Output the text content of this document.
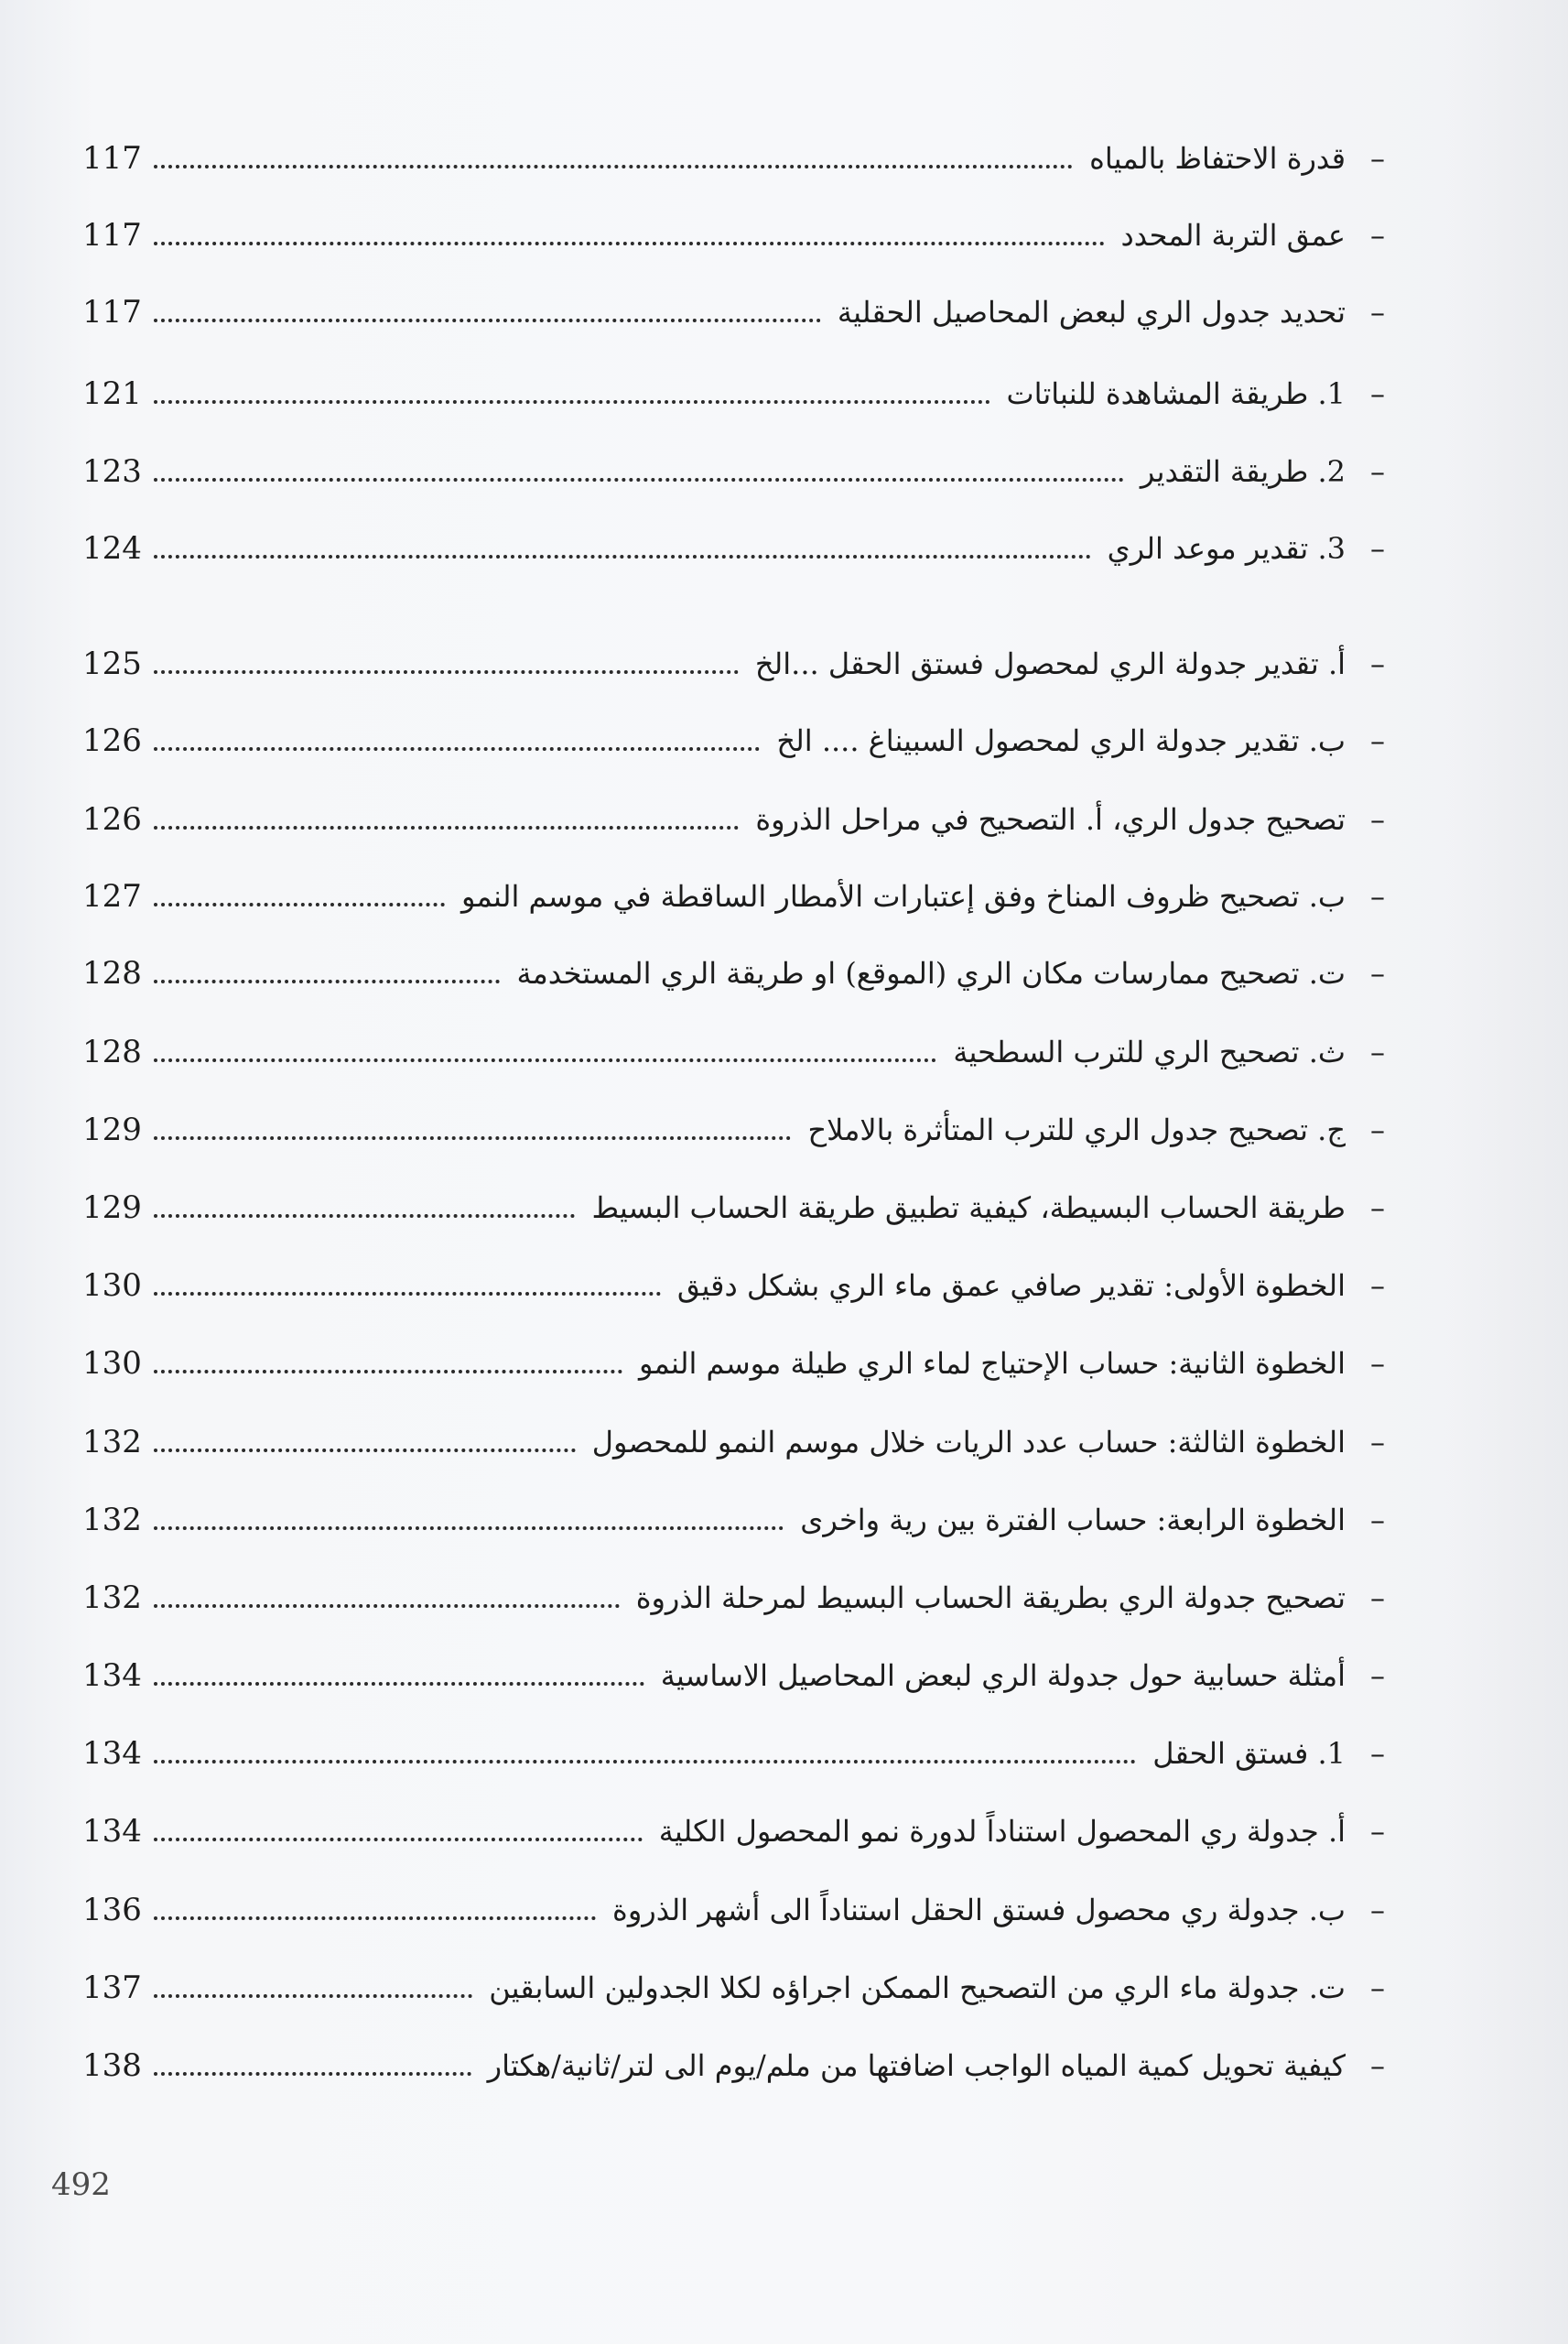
–
قدرة الاحتفاظ بالمياه
117
–
عمق التربة المحدد
117
–
تحديد جدول الري لبعض المحاصيل الحقلية
117
–
1. طريقة المشاهدة للنباتات
121
–
2. طريقة التقدير
123
–
3. تقدير موعد الري
124
–
أ. تقدير جدولة الري لمحصول فستق الحقل ...الخ
125
–
ب. تقدير جدولة الري لمحصول السبيناغ .... الخ
126
–
تصحيح جدول الري، أ. التصحيح في مراحل الذروة
126
–
ب. تصحيح ظروف المناخ وفق إعتبارات الأمطار الساقطة في موسم النمو
127
–
ت. تصحيح ممارسات مكان الري (الموقع) او طريقة الري المستخدمة
128
–
ث. تصحيح الري للترب السطحية
128
–
ج. تصحيح جدول الري للترب المتأثرة بالاملاح
129
–
طريقة الحساب البسيطة، كيفية تطبيق طريقة الحساب البسيط
129
–
الخطوة الأولى: تقدير صافي عمق ماء الري بشكل دقيق
130
–
الخطوة الثانية: حساب الإحتياج لماء الري طيلة موسم النمو
130
–
الخطوة الثالثة: حساب عدد الريات خلال موسم النمو للمحصول
132
–
الخطوة الرابعة: حساب الفترة بين رية واخرى
132
–
تصحيح جدولة الري بطريقة الحساب البسيط لمرحلة الذروة
132
–
أمثلة حسابية حول جدولة الري لبعض المحاصيل الاساسية
134
–
1. فستق الحقل
134
–
أ. جدولة ري المحصول استناداً لدورة نمو المحصول الكلية
134
–
ب. جدولة ري محصول فستق الحقل استناداً الى أشهر الذروة
136
–
ت. جدولة ماء الري من التصحيح الممكن اجراؤه لكلا الجدولين السابقين
137
–
كيفية تحويل كمية المياه الواجب اضافتها من ملم/يوم الى لتر/ثانية/هكتار
138
492
